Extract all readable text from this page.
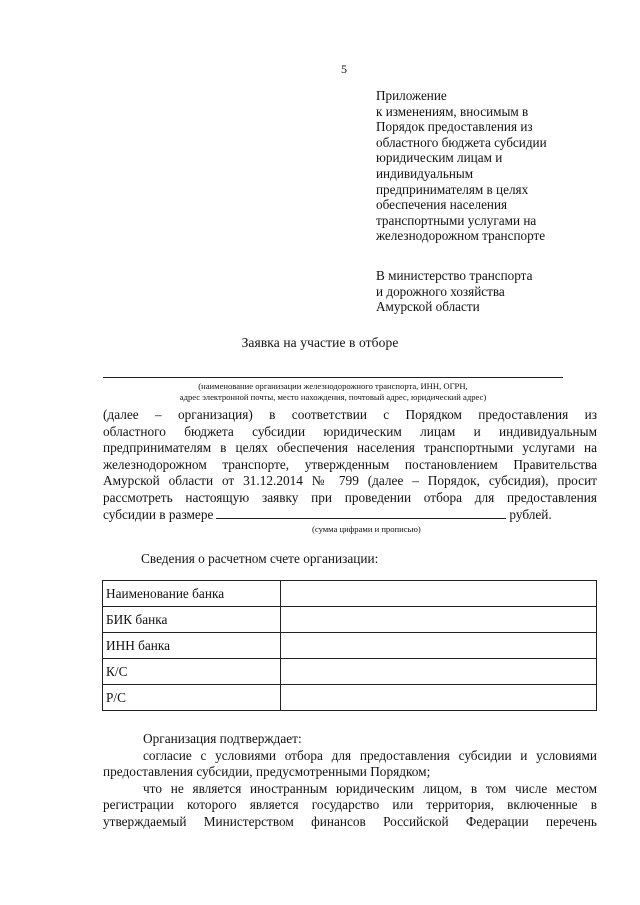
5
Приложение
к изменениям, вносимым в
Порядок предоставления из
областного бюджета субсидии
юридическим лицам и
индивидуальным
предпринимателям в целях
обеспечения населения
транспортными услугами на
железнодорожном транспорте
В министерство транспорта
и дорожного хозяйства
Амурской области
Заявка на участие в отборе
(наименование организации железнодорожного транспорта, ИНН, ОГРН,
адрес электронной почты, место нахождения, почтовый адрес, юридический адрес)
(далее – организация) в соответствии с Порядком предоставления из
областного бюджета субсидии юридическим лицам и индивидуальным
предпринимателям в целях обеспечения населения транспортными услугами на
железнодорожном транспорте, утвержденным постановлением Правительства
Амурской области от 31.12.2014 № 799 (далее – Порядок, субсидия), просит
рассмотреть настоящую заявку при проведении отбора для предоставления
субсидии в размере	рублей.
(сумма цифрами и прописью)
Сведения о расчетном счете организации:
Наименование банка	
БИК банка	
ИНН банка	
К/С	
Р/С	
Организация подтверждает:
согласие с условиями отбора для предоставления субсидии и условиями
предоставления субсидии, предусмотренными Порядком;
что не является иностранным юридическим лицом, в том числе местом
регистрации которого является государство или территория, включенные в
утверждаемый Министерством финансов Российской Федерации перечень
